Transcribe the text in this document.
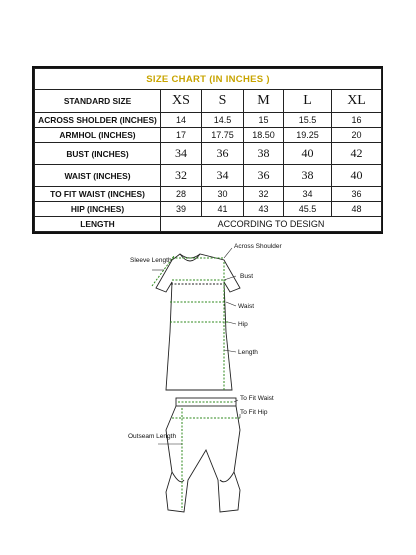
SIZE CHART (IN INCHES )					
STANDARD SIZE	XS	S	M	L	XL
ACROSS SHOLDER (INCHES)	14	14.5	15	15.5	16
ARMHOL (INCHES)	17	17.75	18.50	19.25	20
BUST (INCHES)	34	36	38	40	42
WAIST (INCHES)	32	34	36	38	40
TO FIT WAIST (INCHES)	28	30	32	34	36
HIP (INCHES)	39	41	43	45.5	48
LENGTH	ACCORDING TO DESIGN				
Across Shoulder
Sleeve Length
Bust
Waist
Hip
Length
To Fit Waist
To Fit Hip
Outseam Length
